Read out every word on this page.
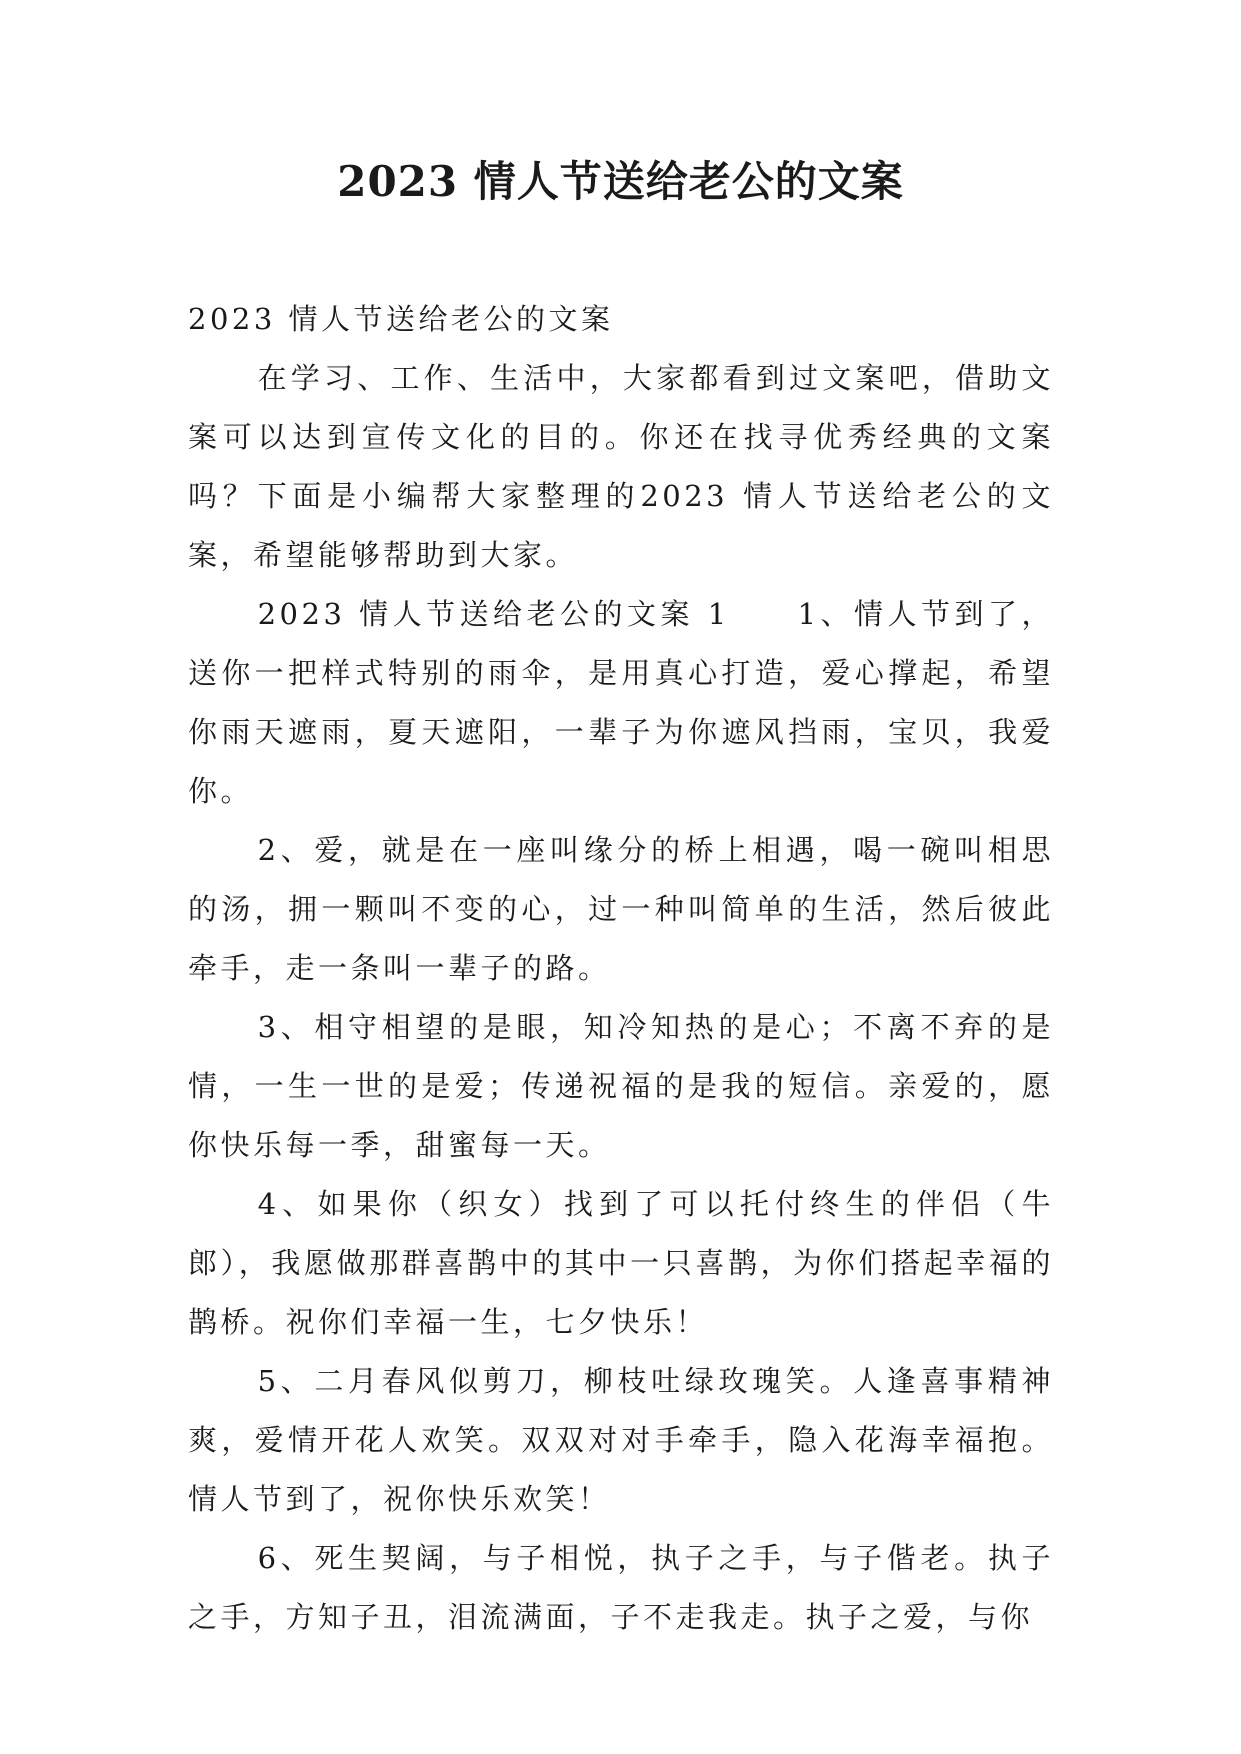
2023 情人节送给老公的文案

2023 情人节送给老公的文案

在学习、工作、生活中，大家都看到过文案吧，借助文案可以达到宣传文化的目的。你还在找寻优秀经典的文案吗？下面是小编帮大家整理的2023 情人节送给老公的文案，希望能够帮助到大家。

2023 情人节送给老公的文案 1　　1、情人节到了，送你一把样式特别的雨伞，是用真心打造，爱心撑起，希望你雨天遮雨，夏天遮阳，一辈子为你遮风挡雨，宝贝，我爱你。

2、爱，就是在一座叫缘分的桥上相遇，喝一碗叫相思的汤，拥一颗叫不变的心，过一种叫简单的生活，然后彼此牵手，走一条叫一辈子的路。

3、相守相望的是眼，知冷知热的是心；不离不弃的是情，一生一世的是爱；传递祝福的是我的短信。亲爱的，愿你快乐每一季，甜蜜每一天。

4、如果你（织女）找到了可以托付终生的伴侣（牛郎），我愿做那群喜鹊中的其中一只喜鹊，为你们搭起幸福的鹊桥。祝你们幸福一生，七夕快乐！

5、二月春风似剪刀，柳枝吐绿玫瑰笑。人逢喜事精神爽，爱情开花人欢笑。双双对对手牵手，隐入花海幸福抱。情人节到了，祝你快乐欢笑！

6、死生契阔，与子相悦，执子之手，与子偕老。执子之手，方知子丑，泪流满面，子不走我走。执子之爱，与你
